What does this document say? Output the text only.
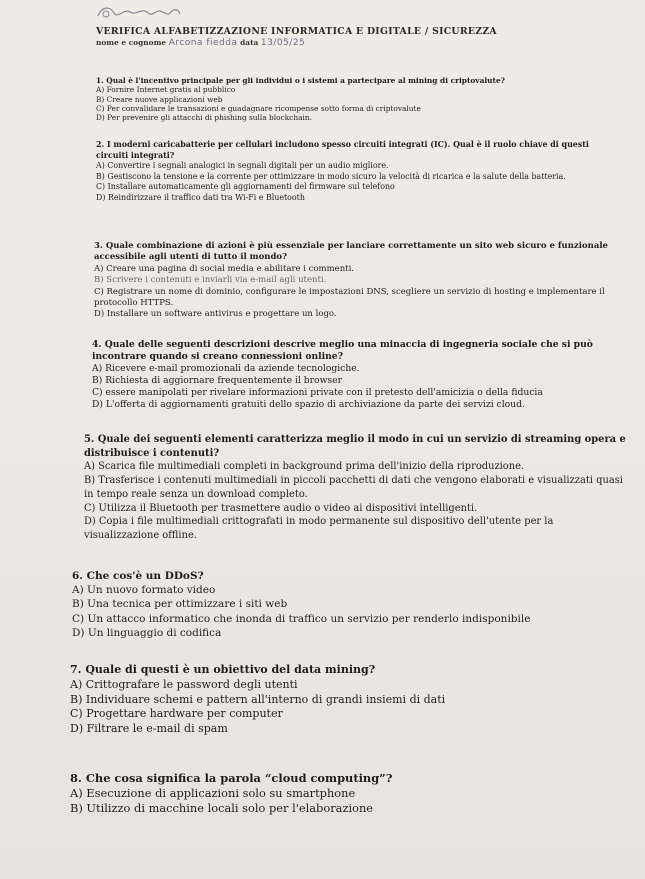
VERIFICA ALFABETIZZAZIONE INFORMATICA E DIGITALE / SICUREZZA
nome e cognome Arcona fiedda data 13/05/25
1. Qual è l'incentivo principale per gli individui o i sistemi a partecipare al mining di criptovalute?
A) Fornire Internet gratis al pubblico
B) Creare nuove applicazioni web
C) Per convalidare le transazioni e guadagnare ricompense sotto forma di criptovalute
D) Per prevenire gli attacchi di phishing sulla blockchain.
2. I moderni caricabatterie per cellulari includono spesso circuiti integrati (IC). Qual è il ruolo chiave di questi circuiti integrati?
A) Convertire i segnali analogici in segnali digitali per un audio migliore.
B) Gestiscono la tensione e la corrente per ottimizzare in modo sicuro la velocità di ricarica e la salute della batteria.
C) Installare automaticamente gli aggiornamenti del firmware sul telefono
D) Reindirizzare il traffico dati tra Wi-Fi e Bluetooth
3. Quale combinazione di azioni è più essenziale per lanciare correttamente un sito web sicuro e funzionale accessibile agli utenti di tutto il mondo?
A) Creare una pagina di social media e abilitare i commenti.
B) Scrivere i contenuti e inviarli via e-mail agli utenti.
C) Registrare un nome di dominio, configurare le impostazioni DNS, scegliere un servizio di hosting e implementare il protocollo HTTPS.
D) Installare un software antivirus e progettare un logo.
4. Quale delle seguenti descrizioni descrive meglio una minaccia di ingegneria sociale che si può incontrare quando si creano connessioni online?
A) Ricevere e-mail promozionali da aziende tecnologiche.
B) Richiesta di aggiornare frequentemente il browser
C) essere manipolati per rivelare informazioni private con il pretesto dell'amicizia o della fiducia
D) L'offerta di aggiornamenti gratuiti dello spazio di archiviazione da parte dei servizi cloud.
5. Quale dei seguenti elementi caratterizza meglio il modo in cui un servizio di streaming opera e distribuisce i contenuti?
A) Scarica file multimediali completi in background prima dell'inizio della riproduzione.
B) Trasferisce i contenuti multimediali in piccoli pacchetti di dati che vengono elaborati e visualizzati quasi in tempo reale senza un download completo.
C) Utilizza il Bluetooth per trasmettere audio o video ai dispositivi intelligenti.
D) Copia i file multimediali crittografati in modo permanente sul dispositivo dell'utente per la visualizzazione offline.
6. Che cos'è un DDoS?
A) Un nuovo formato video
B) Una tecnica per ottimizzare i siti web
C) Un attacco informatico che inonda di traffico un servizio per renderlo indisponibile
D) Un linguaggio di codifica
7. Quale di questi è un obiettivo del data mining?
A) Crittografare le password degli utenti
B) Individuare schemi e pattern all'interno di grandi insiemi di dati
C) Progettare hardware per computer
D) Filtrare le e-mail di spam
8. Che cosa significa la parola “cloud computing”?
A) Esecuzione di applicazioni solo su smartphone
B) Utilizzo di macchine locali solo per l'elaborazione
